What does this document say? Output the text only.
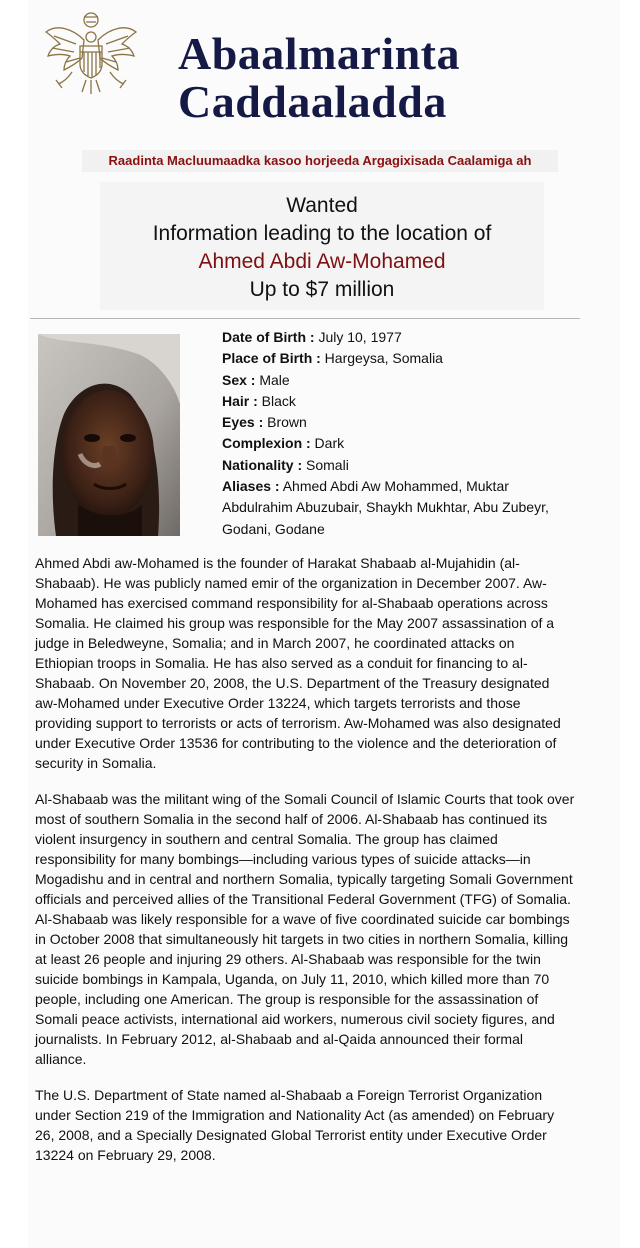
Abaalmarinta
Caddaaladda
Raadinta Macluumaadka kasoo horjeeda Argagixisada Caalamiga ah
Wanted
Information leading to the location of
Ahmed Abdi Aw-Mohamed
Up to $7 million
Date of Birth : July 10, 1977
Place of Birth : Hargeysa, Somalia
Sex : Male
Hair : Black
Eyes : Brown
Complexion : Dark
Nationality : Somali
Aliases : Ahmed Abdi Aw Mohammed, Muktar Abdulrahim Abuzubair, Shaykh Mukhtar, Abu Zubeyr, Godani, Godane

Ahmed Abdi aw-Mohamed is the founder of Harakat Shabaab al-Mujahidin (al-Shabaab). He was publicly named emir of the organization in December 2007. Aw-Mohamed has exercised command responsibility for al-Shabaab operations across Somalia. He claimed his group was responsible for the May 2007 assassination of a judge in Beledweyne, Somalia; and in March 2007, he coordinated attacks on Ethiopian troops in Somalia. He has also served as a conduit for financing to al-Shabaab. On November 20, 2008, the U.S. Department of the Treasury designated aw-Mohamed under Executive Order 13224, which targets terrorists and those providing support to terrorists or acts of terrorism. Aw-Mohamed was also designated under Executive Order 13536 for contributing to the violence and the deterioration of security in Somalia.

Al-Shabaab was the militant wing of the Somali Council of Islamic Courts that took over most of southern Somalia in the second half of 2006. Al-Shabaab has continued its violent insurgency in southern and central Somalia. The group has claimed responsibility for many bombings—including various types of suicide attacks—in Mogadishu and in central and northern Somalia, typically targeting Somali Government officials and perceived allies of the Transitional Federal Government (TFG) of Somalia. Al-Shabaab was likely responsible for a wave of five coordinated suicide car bombings in October 2008 that simultaneously hit targets in two cities in northern Somalia, killing at least 26 people and injuring 29 others. Al-Shabaab was responsible for the twin suicide bombings in Kampala, Uganda, on July 11, 2010, which killed more than 70 people, including one American. The group is responsible for the assassination of Somali peace activists, international aid workers, numerous civil society figures, and journalists. In February 2012, al-Shabaab and al-Qaida announced their formal alliance.

The U.S. Department of State named al-Shabaab a Foreign Terrorist Organization under Section 219 of the Immigration and Nationality Act (as amended) on February 26, 2008, and a Specially Designated Global Terrorist entity under Executive Order 13224 on February 29, 2008.
